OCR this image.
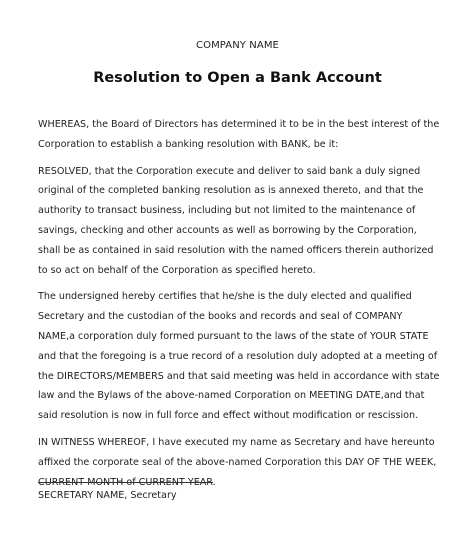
COMPANY NAME
Resolution to Open a Bank Account

WHEREAS, the Board of Directors has determined it to be in the best interest of the Corporation to establish a banking resolution with BANK, be it:

RESOLVED, that the Corporation execute and deliver to said bank a duly signed original of the completed banking resolution as is annexed thereto, and that the authority to transact business, including but not limited to the maintenance of savings, checking and other accounts as well as borrowing by the Corporation, shall be as contained in said resolution with the named officers therein authorized to so act on behalf of the Corporation as specified hereto.

The undersigned hereby certifies that he/she is the duly elected and qualified Secretary and the custodian of the books and records and seal of COMPANY NAME,a corporation duly formed pursuant to the laws of the state of YOUR STATE and that the foregoing is a true record of a resolution duly adopted at a meeting of the DIRECTORS/MEMBERS and that said meeting was held in accordance with state law and the Bylaws of the above-named Corporation on MEETING DATE,and that said resolution is now in full force and effect without modification or rescission.

IN WITNESS WHEREOF, I have executed my name as Secretary and have hereunto affixed the corporate seal of the above-named Corporation this DAY OF THE WEEK, CURRENT MONTH of CURRENT YEAR.

SECRETARY NAME, Secretary
